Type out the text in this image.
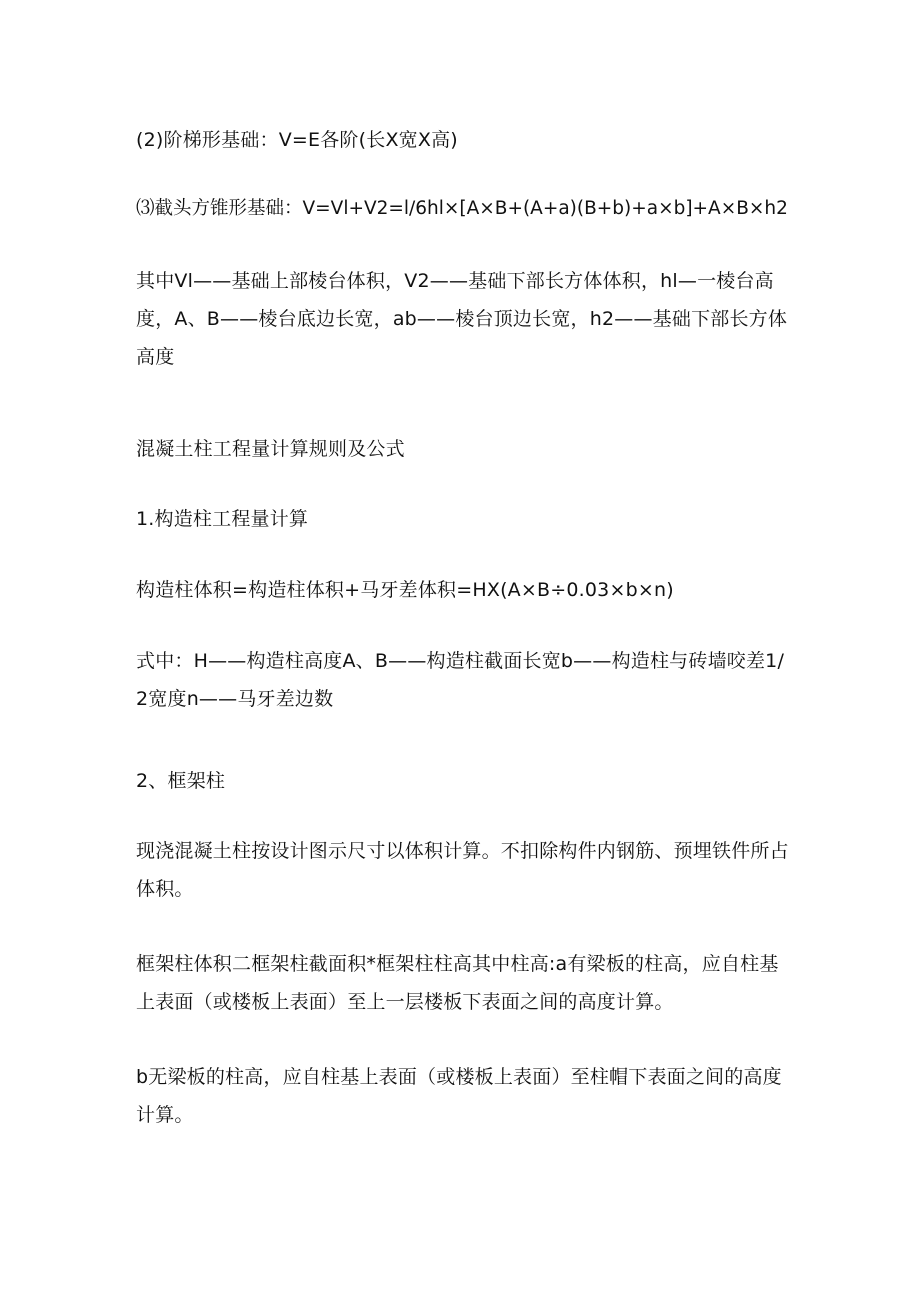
(2)阶梯形基础：V=E各阶(长X宽X高)

⑶截头方锥形基础：V=Vl+V2=l∕6hl×[A×B+(A+a)(B+b)+a×b]+A×B×h2

其中Vl——基础上部棱台体积，V2——基础下部长方体体积，hl—一棱台高度，A、B——棱台底边长宽，ab——棱台顶边长宽，h2——基础下部长方体高度

混凝土柱工程量计算规则及公式

1.构造柱工程量计算

构造柱体积=构造柱体积+马牙差体积=HX(A×B÷0.03×b×n)

式中：H——构造柱高度A、B——构造柱截面长宽b——构造柱与砖墙咬差1/2宽度n——马牙差边数

2、框架柱

现浇混凝土柱按设计图示尺寸以体积计算。不扣除构件内钢筋、预埋铁件所占体积。

框架柱体积二框架柱截面积*框架柱柱高其中柱高:a有梁板的柱高，应自柱基上表面（或楼板上表面）至上一层楼板下表面之间的高度计算。

b无梁板的柱高，应自柱基上表面（或楼板上表面）至柱帽下表面之间的高度计算。
